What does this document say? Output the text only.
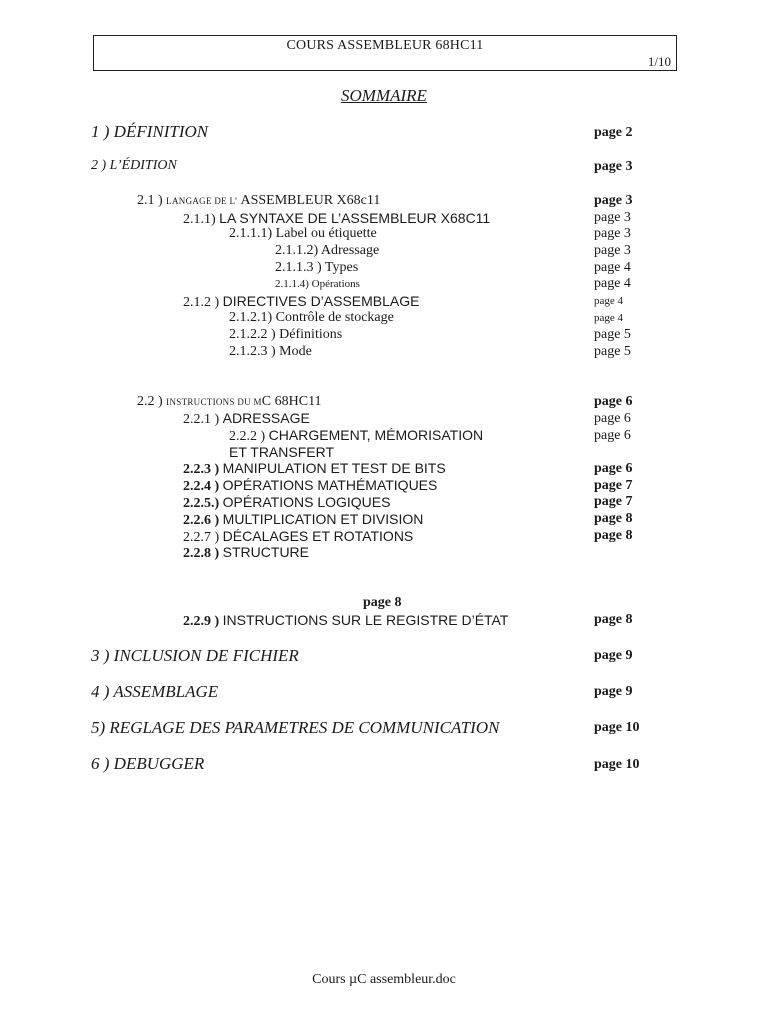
COURS ASSEMBLEUR 68HC11
1/10
SOMMAIRE
1 ) DÉFINITION	page 2
2 ) L’ÉDITION	page 3
2.1 ) LANGAGE DE L’ ASSEMBLEUR X68c11	page 3
2.1.1) LA SYNTAXE DE L’ASSEMBLEUR X68C11	page 3
2.1.1.1) Label ou étiquette	page 3
2.1.1.2) Adressage	page 3
2.1.1.3 ) Types	page 4
2.1.1.4) Opérations	page 4
2.1.2 ) DIRECTIVES D’ASSEMBLAGE	page 4
2.1.2.1) Contrôle de stockage	page 4
2.1.2.2 ) Définitions	page 5
2.1.2.3 ) Mode	page 5
2.2 ) INSTRUCTIONS DU MC 68HC11	page 6
2.2.1 ) ADRESSAGE	page 6
2.2.2 ) CHARGEMENT, MÉMORISATION
ET TRANSFERT
page 6
2.2.3 ) MANIPULATION ET TEST DE BITS	page 6
2.2.4 ) OPÉRATIONS MATHÉMATIQUES	page 7
2.2.5.) OPÉRATIONS LOGIQUES	page 7
2.2.6 ) MULTIPLICATION ET DIVISION	page 8
2.2.7 ) DÉCALAGES ET ROTATIONS	page 8
2.2.8 ) STRUCTURE
page 8
2.2.9 ) INSTRUCTIONS SUR LE REGISTRE D’ÉTAT	page 8
3 ) INCLUSION DE FICHIER	page 9
4 ) ASSEMBLAGE	page 9
5) REGLAGE DES PARAMETRES DE COMMUNICATION	page 10
6 ) DEBUGGER	page 10
Cours µC assembleur.doc
